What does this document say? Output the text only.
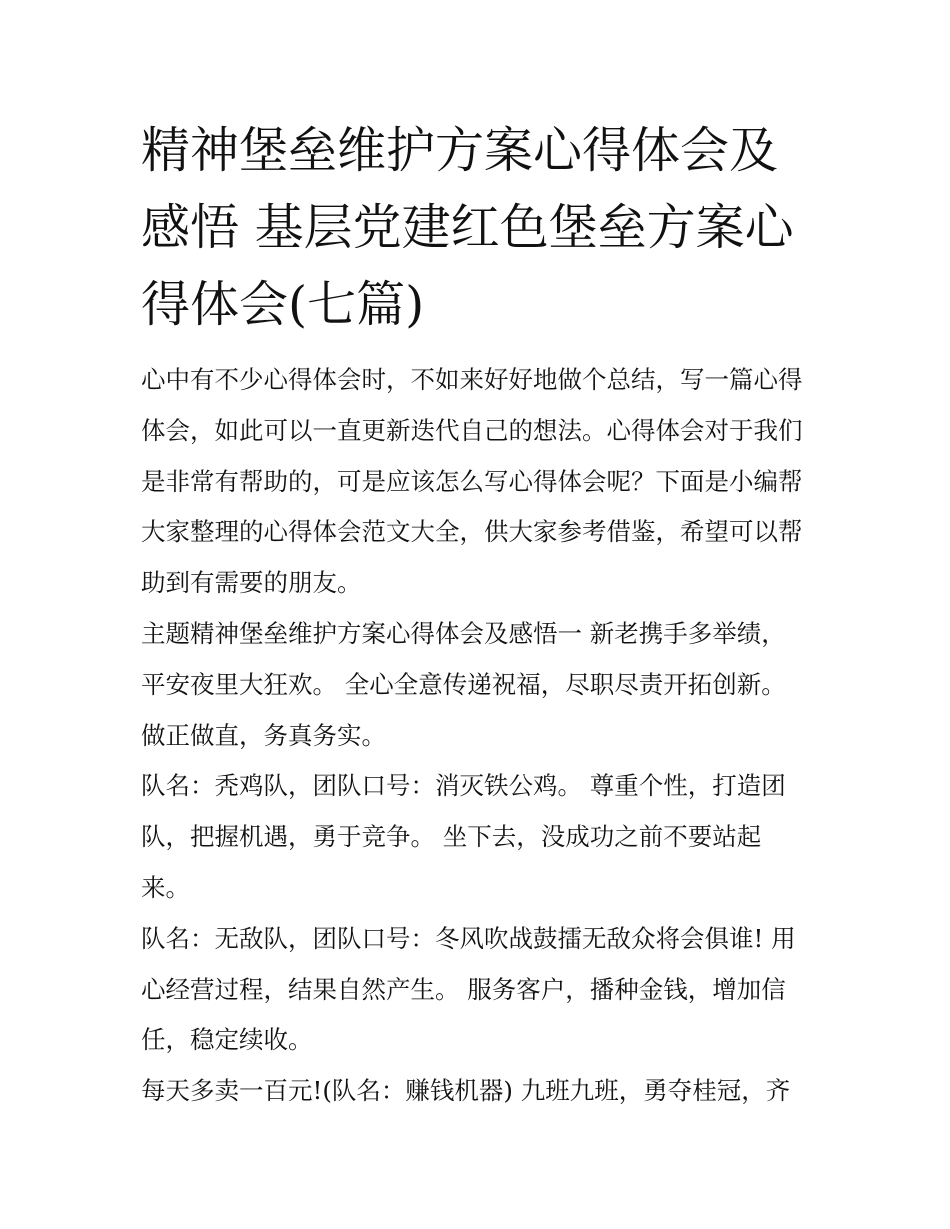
精神堡垒维护方案心得体会及
感悟 基层党建红色堡垒方案心
得体会(七篇)

心中有不少心得体会时，不如来好好地做个总结，写一篇心得
体会，如此可以一直更新迭代自己的想法。心得体会对于我们
是非常有帮助的，可是应该怎么写心得体会呢？下面是小编帮
大家整理的心得体会范文大全，供大家参考借鉴，希望可以帮
助到有需要的朋友。

主题精神堡垒维护方案心得体会及感悟一 新老携手多举绩，
平安夜里大狂欢。 全心全意传递祝福，尽职尽责开拓创新。
做正做直，务真务实。

队名：秃鸡队，团队口号：消灭铁公鸡。 尊重个性，打造团
队，把握机遇，勇于竞争。 坐下去，没成功之前不要站起
来。

队名：无敌队，团队口号：冬风吹战鼓擂无敌众将会俱谁! 用
心经营过程，结果自然产生。 服务客户，播种金钱，增加信
任，稳定续收。

每天多卖一百元!(队名：赚钱机器) 九班九班，勇夺桂冠，齐
